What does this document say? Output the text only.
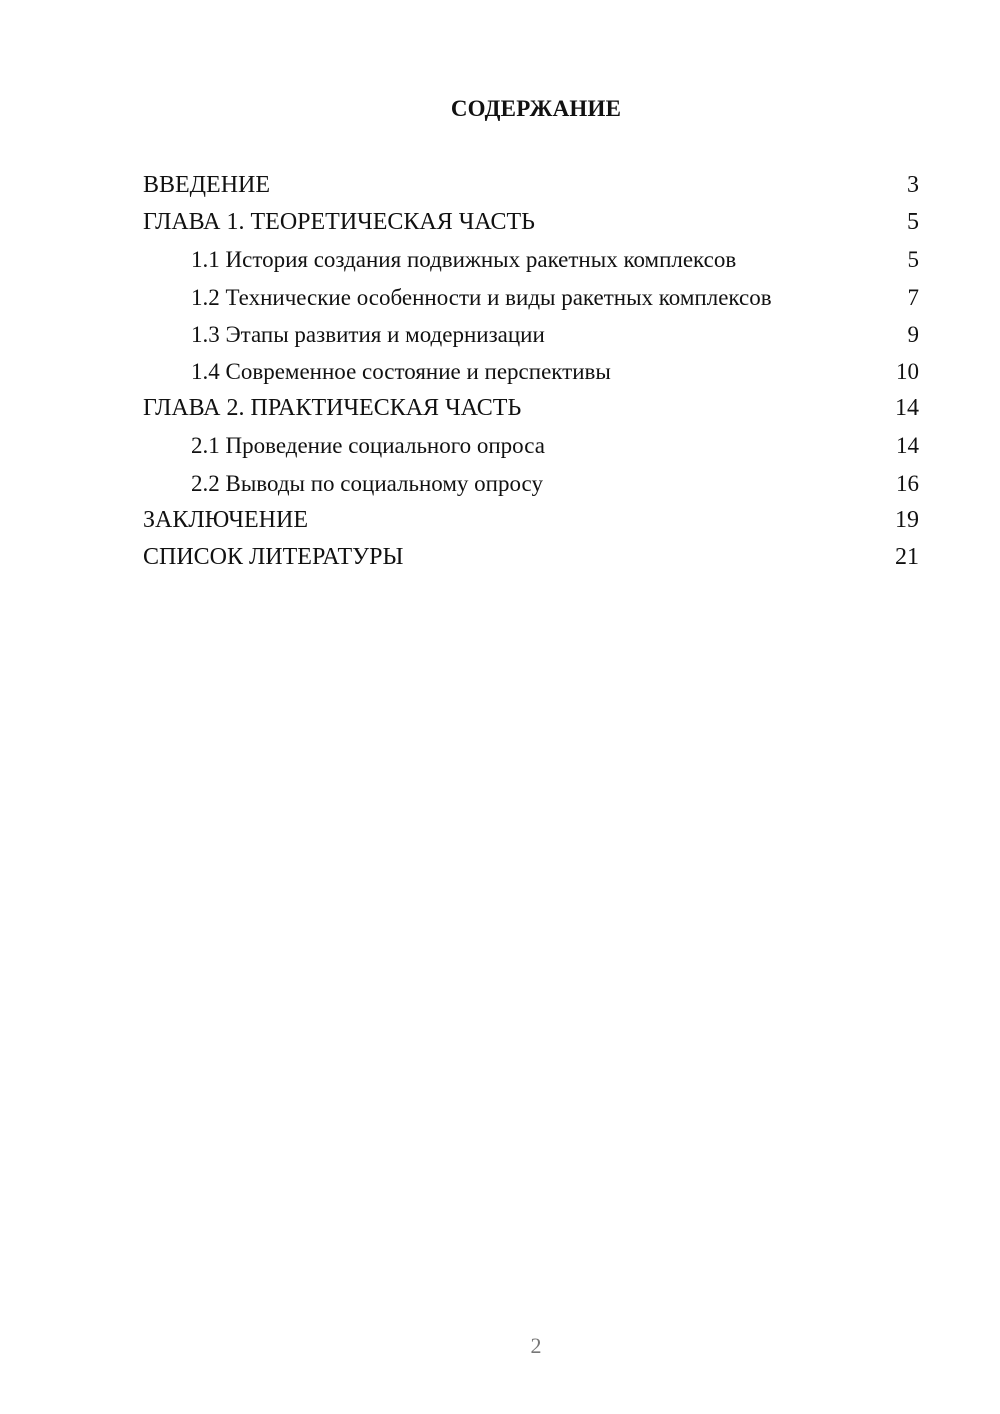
СОДЕРЖАНИЕ
ВВЕДЕНИЕ	3
ГЛАВА 1. ТЕОРЕТИЧЕСКАЯ ЧАСТЬ	5
1.1 История создания подвижных ракетных комплексов	5
1.2 Технические особенности и виды ракетных комплексов	7
1.3 Этапы развития и модернизации	9
1.4 Современное состояние и перспективы	10
ГЛАВА 2. ПРАКТИЧЕСКАЯ ЧАСТЬ	14
2.1 Проведение социального опроса	14
2.2 Выводы по социальному опросу	16
ЗАКЛЮЧЕНИЕ	19
СПИСОК ЛИТЕРАТУРЫ	21
2
